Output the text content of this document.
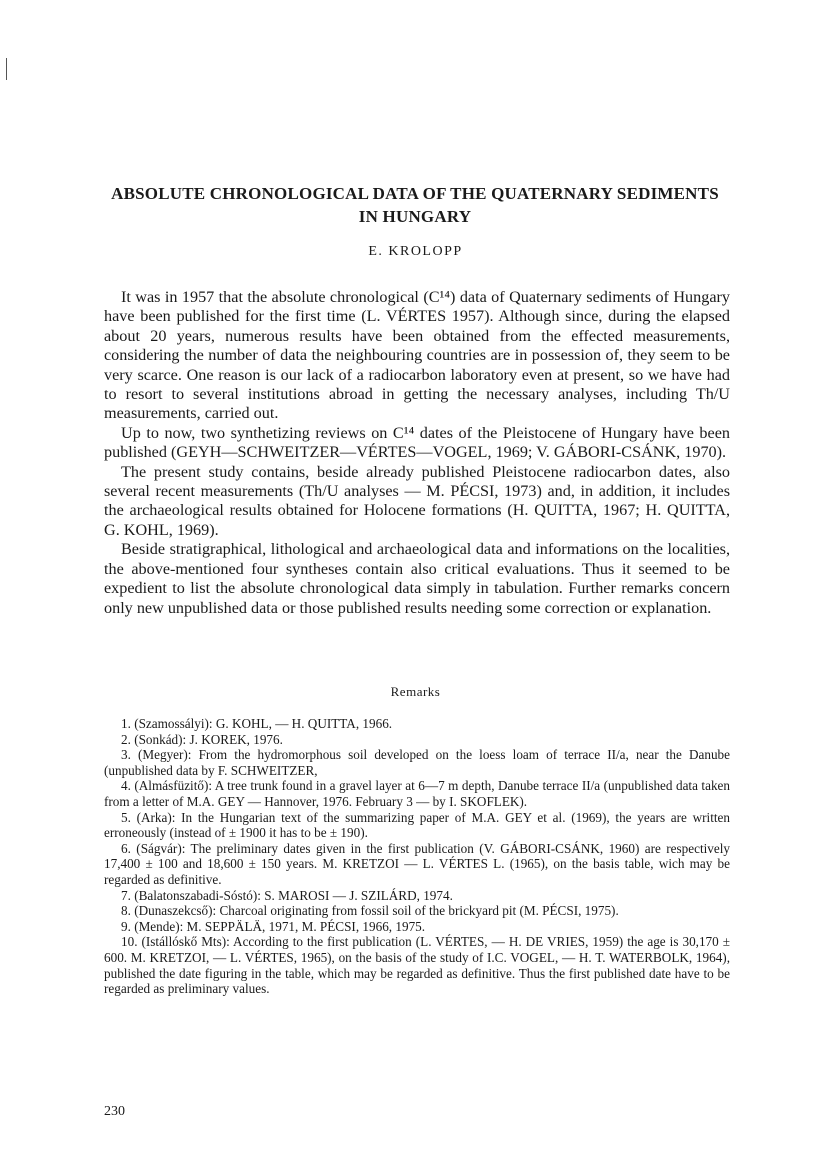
ABSOLUTE CHRONOLOGICAL DATA OF THE QUATERNARY SEDIMENTS IN HUNGARY

E. KROLOPP

It was in 1957 that the absolute chronological (C¹⁴) data of Quaternary sediments of Hungary have been published for the first time (L. VÉRTES 1957). Although since, during the elapsed about 20 years, numerous results have been obtained from the effected measurements, considering the number of data the neighbouring countries are in possession of, they seem to be very scarce. One reason is our lack of a radiocarbon laboratory even at present, so we have had to resort to several institutions abroad in getting the necessary analyses, including Th/U measurements, carried out.

Up to now, two synthetizing reviews on C¹⁴ dates of the Pleistocene of Hungary have been published (GEYH—SCHWEITZER—VÉRTES—VOGEL, 1969; V. GÁBORI-CSÁNK, 1970).

The present study contains, beside already published Pleistocene radiocarbon dates, also several recent measurements (Th/U analyses — M. PÉCSI, 1973) and, in addition, it includes the archaeological results obtained for Holocene formations (H. QUITTA, 1967; H. QUITTA, G. KOHL, 1969).

Beside stratigraphical, lithological and archaeological data and informations on the localities, the above-mentioned four syntheses contain also critical evaluations. Thus it seemed to be expedient to list the absolute chronological data simply in tabulation. Further remarks concern only new unpublished data or those published results needing some correction or explanation.

Remarks

1. (Szamossályi): G. KOHL, — H. QUITTA, 1966.

2. (Sonkád): J. KOREK, 1976.

3. (Megyer): From the hydromorphous soil developed on the loess loam of terrace II/a, near the Danube (unpublished data by F. SCHWEITZER,

4. (Almásfüzitő): A tree trunk found in a gravel layer at 6—7 m depth, Danube terrace II/a (unpublished data taken from a letter of M.A. GEY — Hannover, 1976. February 3 — by I. SKOFLEK).

5. (Arka): In the Hungarian text of the summarizing paper of M.A. GEY et al. (1969), the years are written erroneously (instead of ± 1900 it has to be ± 190).

6. (Ságvár): The preliminary dates given in the first publication (V. GÁBORI-CSÁNK, 1960) are respectively 17,400 ± 100 and 18,600 ± 150 years. M. KRETZOI — L. VÉRTES L. (1965), on the basis table, wich may be regarded as definitive.

7. (Balatonszabadi-Sóstó): S. MAROSI — J. SZILÁRD, 1974.

8. (Dunaszekcső): Charcoal originating from fossil soil of the brickyard pit (M. PÉCSI, 1975).

9. (Mende): M. SEPPÄLÄ, 1971, M. PÉCSI, 1966, 1975.

10. (Istállóskő Mts): According to the first publication (L. VÉRTES, — H. DE VRIES, 1959) the age is 30,170 ± 600. M. KRETZOI, — L. VÉRTES, 1965), on the basis of the study of I.C. VOGEL, — H. T. WATERBOLK, 1964), published the date figuring in the table, which may be regarded as definitive. Thus the first published date have to be regarded as preliminary values.

230
